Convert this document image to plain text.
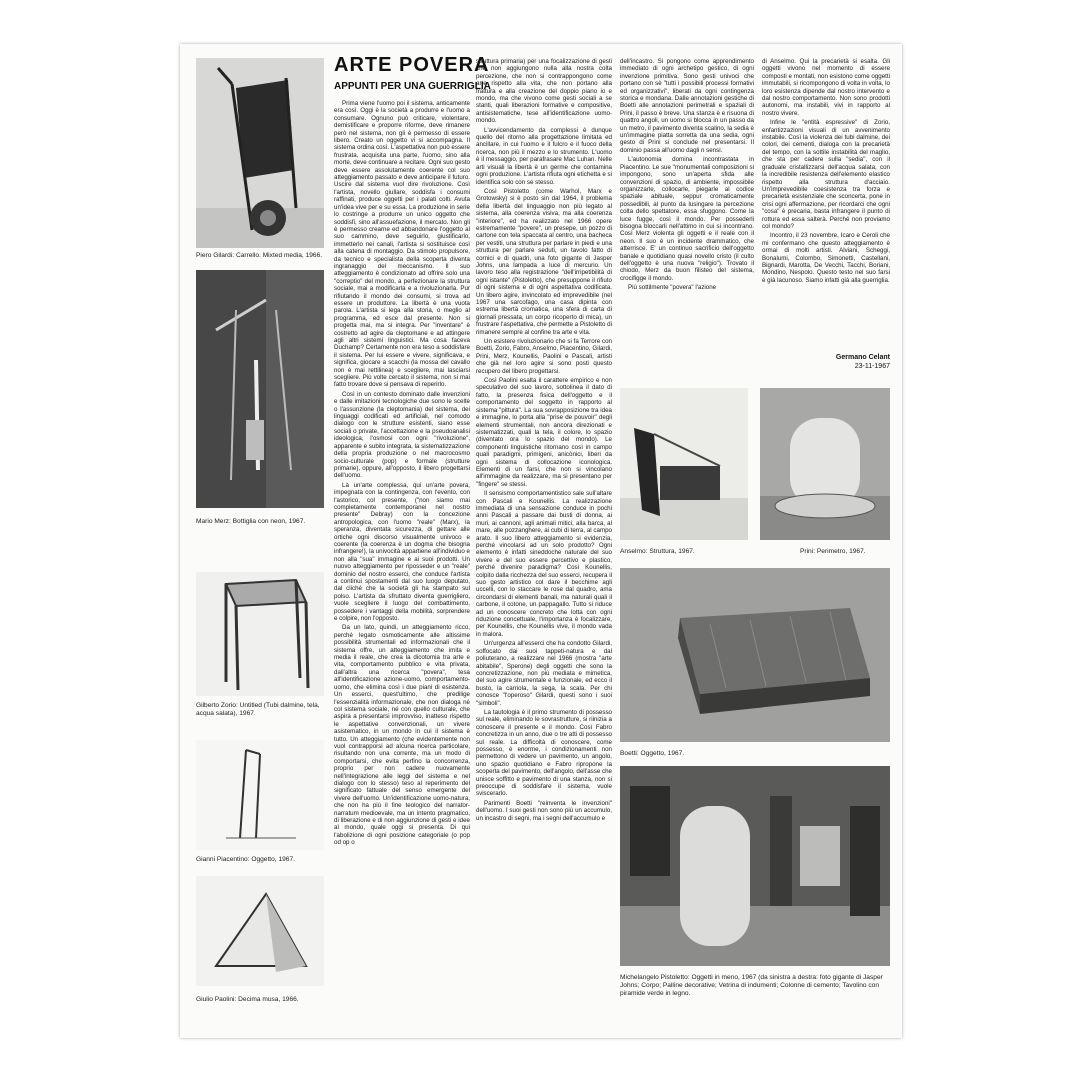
Piero Gilardi: Carrello. Mixted media, 1966.
Mario Merz: Bottiglia con neon, 1967.
Gilberto Zorio: Untitled (Tubi dalmine, tela, acqua salata), 1967.
Gianni Piacentino: Oggetto, 1967.
Giulio Paolini: Decima musa, 1966.
ARTE POVERA
APPUNTI PER UNA GUERRIGLIA

Prima viene l'uomo poi il sistema, anticamente era così. Oggi è la società a produrre e l'uomo a consumare. Ognuno può criticare, violentare, demistificare e proporre riforme, deve rimanere però nel sistema, non gli è permesso di essere libero. Creato un oggetto vi si accompagna. Il sistema ordina così. L'aspettativa non può essere frustrata, acquisita una parte, l'uomo, sino alla morte, deve continuare a recitare. Ogni suo gesto deve essere assolutamente coerente col suo atteggiamento passato e deve anticipare il futuro. Uscire dal sistema vuol dire rivoluzione. Così l'artista, novello giullare, soddisfa i consumi raffinati, produce oggetti per i palati colti. Avuta un'idea vive per e su essa. La produzione in serie lo costringe a produrre un unico oggetto che soddisfi, sino all'assuefazione, il mercato. Non gli è permesso crearne ed abbandonare l'oggetto al suo cammino, deve seguirlo, giustificarlo, immetterlo nei canali, l'artista si sostituisce così alla catena di montaggio. Da stimolo propulsore, da tecnico e specialista della scoperta diventa ingranaggio del meccanismo. Il suo atteggiamento è condizionato ad offrire solo una "correptio" del mondo, a perfezionare la struttura sociale, mai a modificarla e a rivoluzionarla. Pur rifiutando il mondo dei consumi, si trova ad essere un produttore. La libertà è una vuota parola. L'artista si lega alla storia, o meglio al programma, ed esce dal presente. Non si progetta mai, ma si integra. Per "inventare" è costretto ad agire da cleptomane e ad attingere agli altri sistemi linguistici. Ma cosa faceva Duchamp? Certamente non era teso a soddisfare il sistema. Per lui essere e vivere, significava, e significa, giocare a scacchi (la mossa del cavallo non è mai rettilinea) e scegliere, mai lasciarsi scegliere. Più volte cercato il sistema, non si mai fatto trovare dove si pensava di reperirlo.

Così in un contesto dominato dalle invenzioni e dalle imitazioni tecnologiche due sono le scelte o l'assunzione (la cleptomania) del sistema, dei linguaggi codificati ed artificiali, nel comodo dialogo con le strutture esistenti, siano esse sociali o private, l'accettazione e la pseudoanalisi ideologica, l'osmosi con ogni "rivoluzione", apparente e subito integrata, la sistematizzazione della propria produzione o nel macrocosmo socio-culturale (pop) e formale (strutture primarie), oppure, all'opposto, il libero progettarsi dell'uomo.

Là un'arte complessa, qui un'arte povera, impegnata con la contingenza, con l'evento, con l'astorico, col presente, ("non siamo mai completamente contemporanei nel nostro presente" Debray) con la concezione antropologica, con l'uomo "reale" (Marx), la speranza, diventata sicurezza, di gettare alle ortiche ogni discorso visualmente univoco e coerente (la coerenza è un dogma che bisogna infrangere!), la univocità appartiene all'individuo e non alla "sua" immagine e ai suoi prodotti. Un nuovo atteggiamento per riposseder e un "reale" dominio del nostro esserci, che conduce l'artista a continui spostamenti dal suo luogo deputato, dal cliché che la società gli ha stampato sul polso. L'artista da sfruttato diventa guerrigliero, vuole scegliere il luogo del combattimento, possedere i vantaggi della mobilità, sorprendere e colpire, non l'opposto.

Da un lato, quindi, un atteggiamento ricco, perché legato osmoticamente alle altissime possibilità strumentali ed informazionali che il sistema offre, un atteggiamento che imita e media il reale, che crea la dicotomia tra arte e vita, comportamento pubblico e vita privata, dall'altra una ricerca "povera", tesa all'identificazione azione-uomo, comportamento-uomo, che elimina così i due piani di esistenza. Un esserci, quest'ultimo, che predilige l'essenzialità informazionale, che non dialoga né col sistema sociale, né con quello culturale, che aspira a presentarsi improvviso, inatteso rispetto le aspettative convenzionali, un vivere asistematico, in un mondo in cui il sistema è tutto. Un atteggiamento (che evidentemente non vuol contrapporsi ad alcuna ricerca particolare, risultando non una corrente, ma un modo di comportarsi, che evita perfino la concorrenza, proprio per non cadere nuovamente nell'integrazione alle leggi del sistema e nel dialogo con lo stesso) teso al reperimento del significato fattuale del senso emergente del vivere dell'uomo. Un'identificazione uomo-natura, che non ha più il fine teologico del narrator-narratum medioevale, ma un intento pragmatico, di liberazione e di non aggiunzione di gesti e idee al mondo, quale oggi si presenta. Di qui l'abolizione di ogni posizione categoriale (o pop od op o

struttura primaria) per una focalizzazione di gesti che non aggiungono nulla alla nostra colta percezione, che non si contrappongono come arte rispetto alla vita, che non portano alla frattura e alla creazione del doppio piano io e mondo, ma che vivono come gesti sociali a se stanti, quali liberazioni formative e compositive, antisistematiche, tese all'identificazione uomo-mondo.

L'avvicendamento da complessi è dunque quello del ritorno alla progettazione limitata ed ancillare, in cui l'uomo e il fulcro e il fuoco della ricerca, non più il mezzo e lo strumento. L'uomo è il messaggio, per parafrasare Mac Luhan. Nelle arti visuali la libertà è un germe che contamina ogni produzione. L'artista rifiuta ogni etichetta e si identifica solo con se stesso.

Così Pistoletto (come Warhol, Marx e Grotowsky) si è posto sin dal 1964, il problema della libertà del linguaggio non più legato al sistema, alla coerenza visiva, ma alla coerenza "interiore", ed ha realizzato nel 1966 opere estremamente "povere", un presepe, un pozzo di cartone con tela spaccata al centro, una bacheca per vestiti, una struttura per parlare in piedi e una struttura per parlare seduti, un tavolo fatto di cornici e di quadri, una foto gigante di Jasper Johns, una lampada a luce di mercurio. Un lavoro teso alla registrazione "dell'irripetibilità di ogni istante" (Pistoletto), che presuppone il rifiuto di ogni sistema e di ogni aspettativa codificata. Un libero agire, invincolato ed imprevedibile (nel 1967 una sarcofago, una casa dipinta con estrema libertà cromatica, una sfera di carta di giornali pressata, un corpo ricoperto di mica), un frustrare l'aspettativa, che permette a Pistoletto di rimanere sempre al confine tra arte e vita.

Un esistere rivoluzionario che si fa Terrore con Boetti, Zorio, Fabro, Anselmo, Piacentino, Gilardi, Prini, Merz, Kounellis, Paolini e Pascali, artisti che già nel loro agire si sono posti questo recupero del libero progettarsi.

Così Paolini esalta il carattere empirico e non speculativo del suo lavoro, sottolinea il dato di fatto, la presenza fisica dell'oggetto e il comportamento del soggetto in rapporto al sistema "pittura". La sua sovrapposizione tra idea e immagine, lo porta alla "prise de pouvoir" degli elementi strumentali, non ancora direzionati e sistematizzati, quali la tela, il colore, lo spazio (diventato ora lo spazio del mondo). Le componenti linguistiche ritornano così in campo quali paradigmi, primigeni, anicònici, liberi da ogni sistema di collocazione iconologica. Elementi di un farsi, che non si vincolano all'immagine da realizzare, ma si presentano per "fingere" se stessi.

Il sensismo comportamentistico sale sull'altare con Pascali e Kounellis. La realizzazione immediata di una sensazione conduce in pochi anni Pascali a passare dai busti di donna, ai muri, ai cannoni, agli animali mitici, alla barca, al mare, alle pozzanghere, ai cubi di terra, al campo arato. Il suo libero atteggiamento si evidenzia, perché vincolarsi ad un solo prodotto? Ogni elemento è infatti sineddoche naturale del suo vivere e del suo essere percettivo e plastico, perché divenire paradigma? Così Kounellis, colpito dalla ricchezza del suo esserci, recupera il suo gesto artistico col dare il becchime agli uccelli, con lo staccare le rose dal quadro, ama circondarsi di elementi banali, ma naturali quali il carbone, il cotone, un pappagallo. Tutto si riduce ad un conoscere concreto che lotta con ogni riduzione concettuale, l'importanza è focalizzare, per Kounellis, che Kounellis vive, il mondo vada in malora.

Un'urgenza all'esserci che ha condotto Gilardi, soffocato dai suoi tappeti-natura e dal poliuterano, a realizzare nel 1966 (mostra "arte abitabile", Sperone) degli oggetti che sono la concretizzazione, non più mediata e mimetica, del suo agire strumentale e funzionale, ed ecco il busto, la carriola, la sega, la scala. Per chi conosce "l'operoso" Gilardi, questi sono i suoi "simboli".

La tautologia è il primo strumento di possesso sul reale, eliminando le sovrastrutture, si riinizia a conoscere il presente e il mondo. Così Fabro concretizza in un anno, due o tre atti di possesso sul reale. La difficoltà di conoscere, come possesso, è enorme, i condizionamenti non permettono di vedere un pavimento, un angolo, uno spazio quotidiano e Fabro ripropone la scoperta del pavimento, dell'angolo, dell'asse che unisce soffitto e pavimento di una stanza, non si preoccupe di soddisfare il sistema, vuole sviscerarlo.

Parimenti Boetti "reinventa le invenzioni" dell'uomo. I suoi gesti non sono più un accumulo, un incastro di segni, ma i segni dell'accumulo e

dell'incastro. Si pongono come apprendimento immediato di ogni archetipo gestico, di ogni invenzione primitiva. Sono gesti univoci che portano con sè "tutti i possibili processi formativi ed organizzativi", liberati da ogni contingenza storica e mondana. Dalle annotazioni gestiche di Boetti alle annotazioni perimetrali e spaziali di Prini, il passo è breve. Una stanza è e risuona di quattro angoli, un uomo si blocca in un passo da un metro, il pavimento diventa scalino, la sedia è un'immagine piatta sorretta da una sedia, ogni gesto di Prini si conclude nel presentarsi. Il dominio passa all'uomo dagli n sensi.

L'autonomia domina incontrastata in Piacentino. Le sue "monumentali composizioni si impongono, sono un'aperta sfida alle convenzioni di spazio, di ambiente, impossibile organizzarle, collocarle, piegarle al codice spaziale abituale, seppur cromaticamente possedibili, al punto da lusingare la percezione colta dello spettatore, essa sfuggono. Come la luce fugge, così il mondo. Per possederli bisogna bloccarli nell'attimo in cui si incontrano. Così Merz violenta gli oggetti e il reale con il neon. Il suo è un incidente drammatico, che atterrisce. E' un continuo sacrificio dell'oggetto banale e quotidiano quasi novello cristo (il culto dell'oggetto è una nuova "religio"). Trovato il chiodo, Merz da buon filisteo del sistema, crocifigge il mondo.

Più sottilmente "povera" l'azione

di Anselmo. Qui la precarietà si esalta. Gli oggetti vivono nel momento di essere composti e montati, non esistono come oggetti immutabili, si ricompongono di volta in volta, lo loro esistenza dipende dal nostro intervento e dal nostro comportamento. Non sono prodotti autonomi, ma instabili, vivi in rapporto al nostro vivere.

Infine le "entità espressive" di Zorio, enfantizzazioni visuali di un avvenimento instabile. Così la violenza dei tubi dalmine, dei colori, dei cementi, dialoga con la precarietà del tempo, con la sottile instabilità del maglio, che sta per cadere sulla "sedia", con il graduale cristallizzarsi dell'acqua salata, con la incredibile resistenza dell'elemento elastico rispetto alla struttura d'acciaio. Un'imprevedibile coesistenza tra forza e precarietà esistenziale che sconcerta, pone in crisi ogni affermazione, per ricordarci che ogni "cosa" è precaria, basta infrangere il punto di rottura ed essa salterà. Perché non proviamo col mondo?

Incontro, il 23 novembre, Icaro e Ceroli che mi confermano che questo atteggiamento è ormai di molti artisti. Alviani, Scheggi, Bonalumi, Colombo, Simonetti, Castellani, Bignardi, Marotta, De Vecchi, Tacchi, Boriani, Mondino, Nespolo. Questo testo nel suo farsi è già lacunoso. Siamo infatti già alla guerriglia.

Germano Celant
23-11-1967
Anselmo: Struttura, 1967.	Prini: Perimetro, 1967.
Boetti: Oggetto, 1967.
Michelangelo Pistoletto: Oggetti in meno, 1967 (da sinistra a destra: foto gigante di Jasper Johns; Corpo; Palline decorative; Vetrina di indumenti; Colonne di cemento; Tavolino con piramide verde in legno.
